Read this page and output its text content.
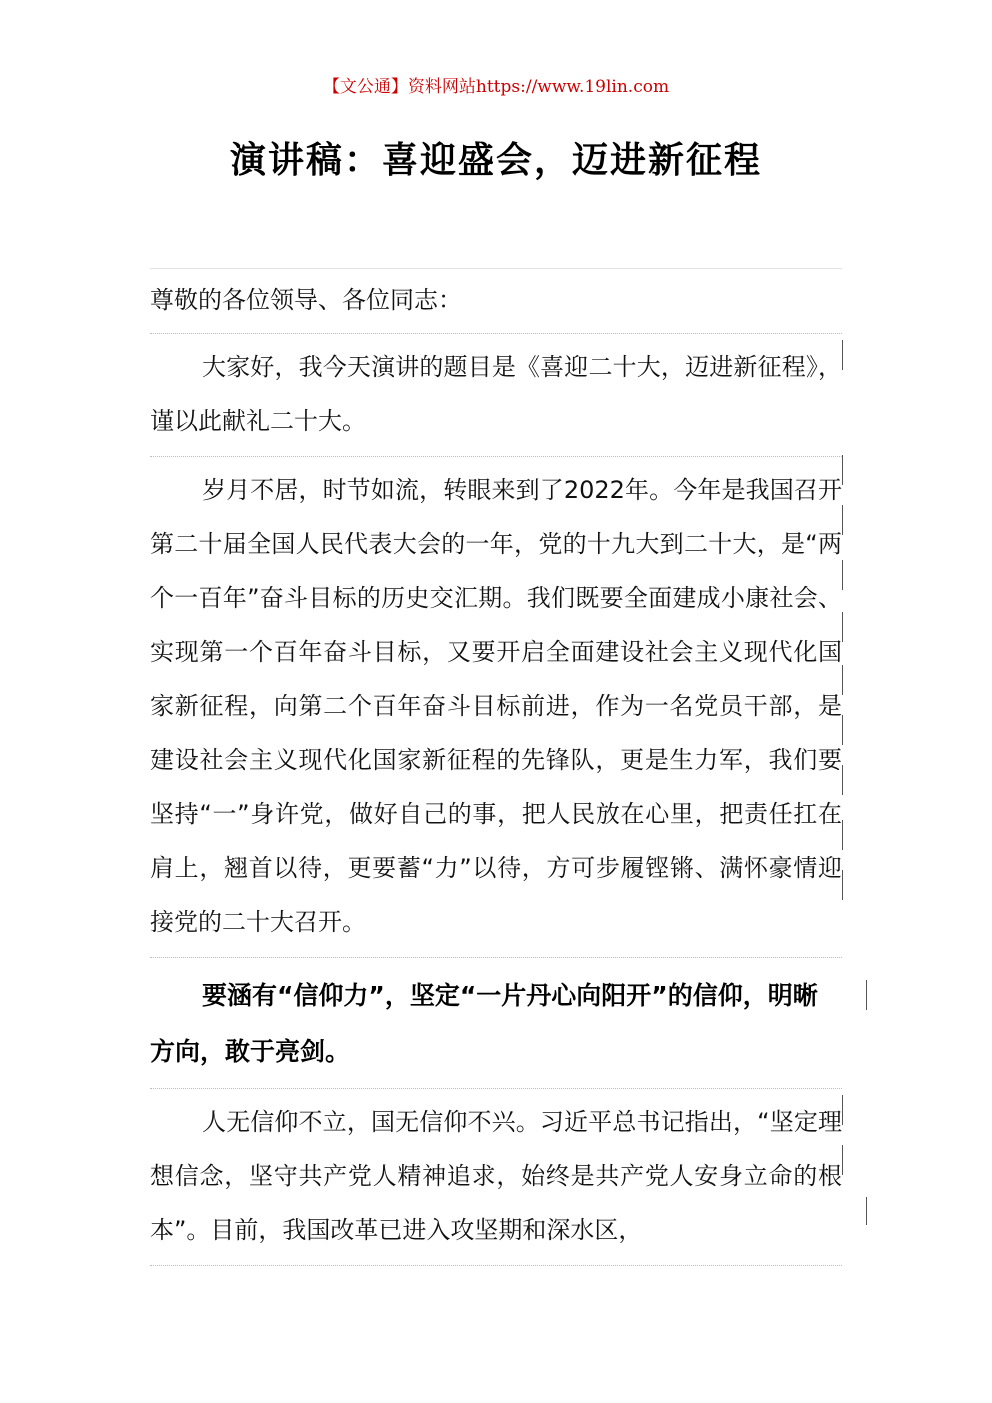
【文公通】资料网站https://www.19lin.com
演讲稿：喜迎盛会，迈进新征程

尊敬的各位领导、各位同志：

大家好，我今天演讲的题目是《喜迎二十大，迈进新征程》，谨以此献礼二十大。

岁月不居，时节如流，转眼来到了2022年。今年是我国召开第二十届全国人民代表大会的一年，党的十九大到二十大，是“两个一百年”奋斗目标的历史交汇期。我们既要全面建成小康社会、实现第一个百年奋斗目标，又要开启全面建设社会主义现代化国家新征程，向第二个百年奋斗目标前进，作为一名党员干部，是建设社会主义现代化国家新征程的先锋队，更是生力军，我们要坚持“一”身许党，做好自己的事，把人民放在心里，把责任扛在肩上，翘首以待，更要蓄“力”以待，方可步履铿锵、满怀豪情迎接党的二十大召开。

要涵有“信仰力”，坚定“一片丹心向阳开”的信仰，明晰方向，敢于亮剑。

人无信仰不立，国无信仰不兴。习近平总书记指出，“坚定理想信念，坚守共产党人精神追求，始终是共产党人安身立命的根本”。目前，我国改革已进入攻坚期和深水区，
